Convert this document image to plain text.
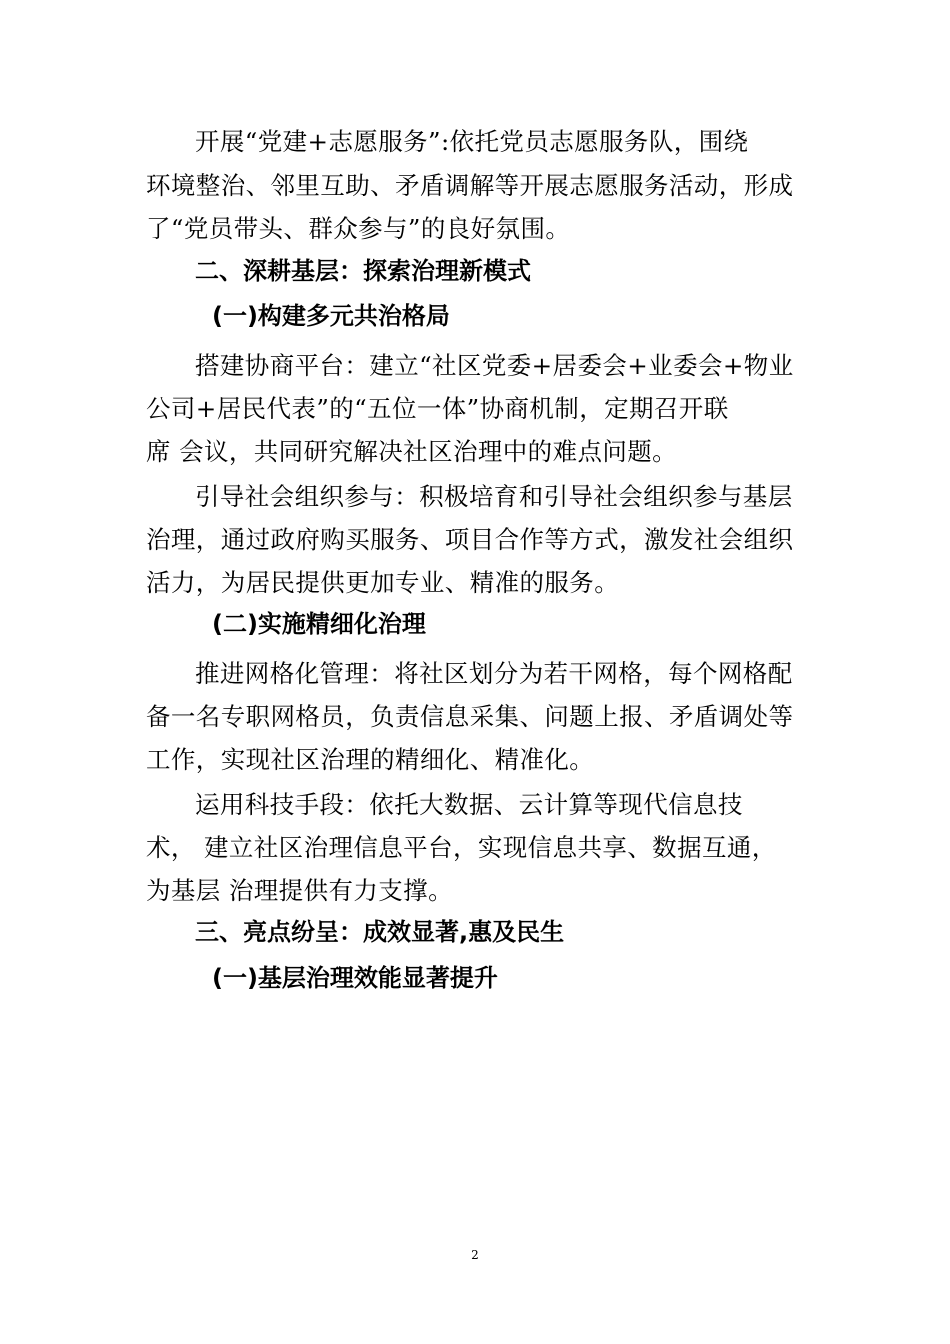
开展“党建+志愿服务”:依托党员志愿服务队，围绕
环境整治、邻里互助、矛盾调解等开展志愿服务活动，形成
了“党员带头、群众参与”的良好氛围。
二、深耕基层：探索治理新模式
(一)构建多元共治格局
搭建协商平台：建立“社区党委+居委会+业委会+物业
公司+居民代表”的“五位一体”协商机制，定期召开联
席 会议，共同研究解决社区治理中的难点问题。
引导社会组织参与：积极培育和引导社会组织参与基层
治理，通过政府购买服务、项目合作等方式，激发社会组织
活力，为居民提供更加专业、精准的服务。
(二)实施精细化治理
推进网格化管理：将社区划分为若干网格，每个网格配
备一名专职网格员，负责信息采集、问题上报、矛盾调处等
工作，实现社区治理的精细化、精准化。
运用科技手段：依托大数据、云计算等现代信息技
术， 建立社区治理信息平台，实现信息共享、数据互通，
为基层 治理提供有力支撑。
三、亮点纷呈：成效显著,惠及民生
(一)基层治理效能显著提升
2
